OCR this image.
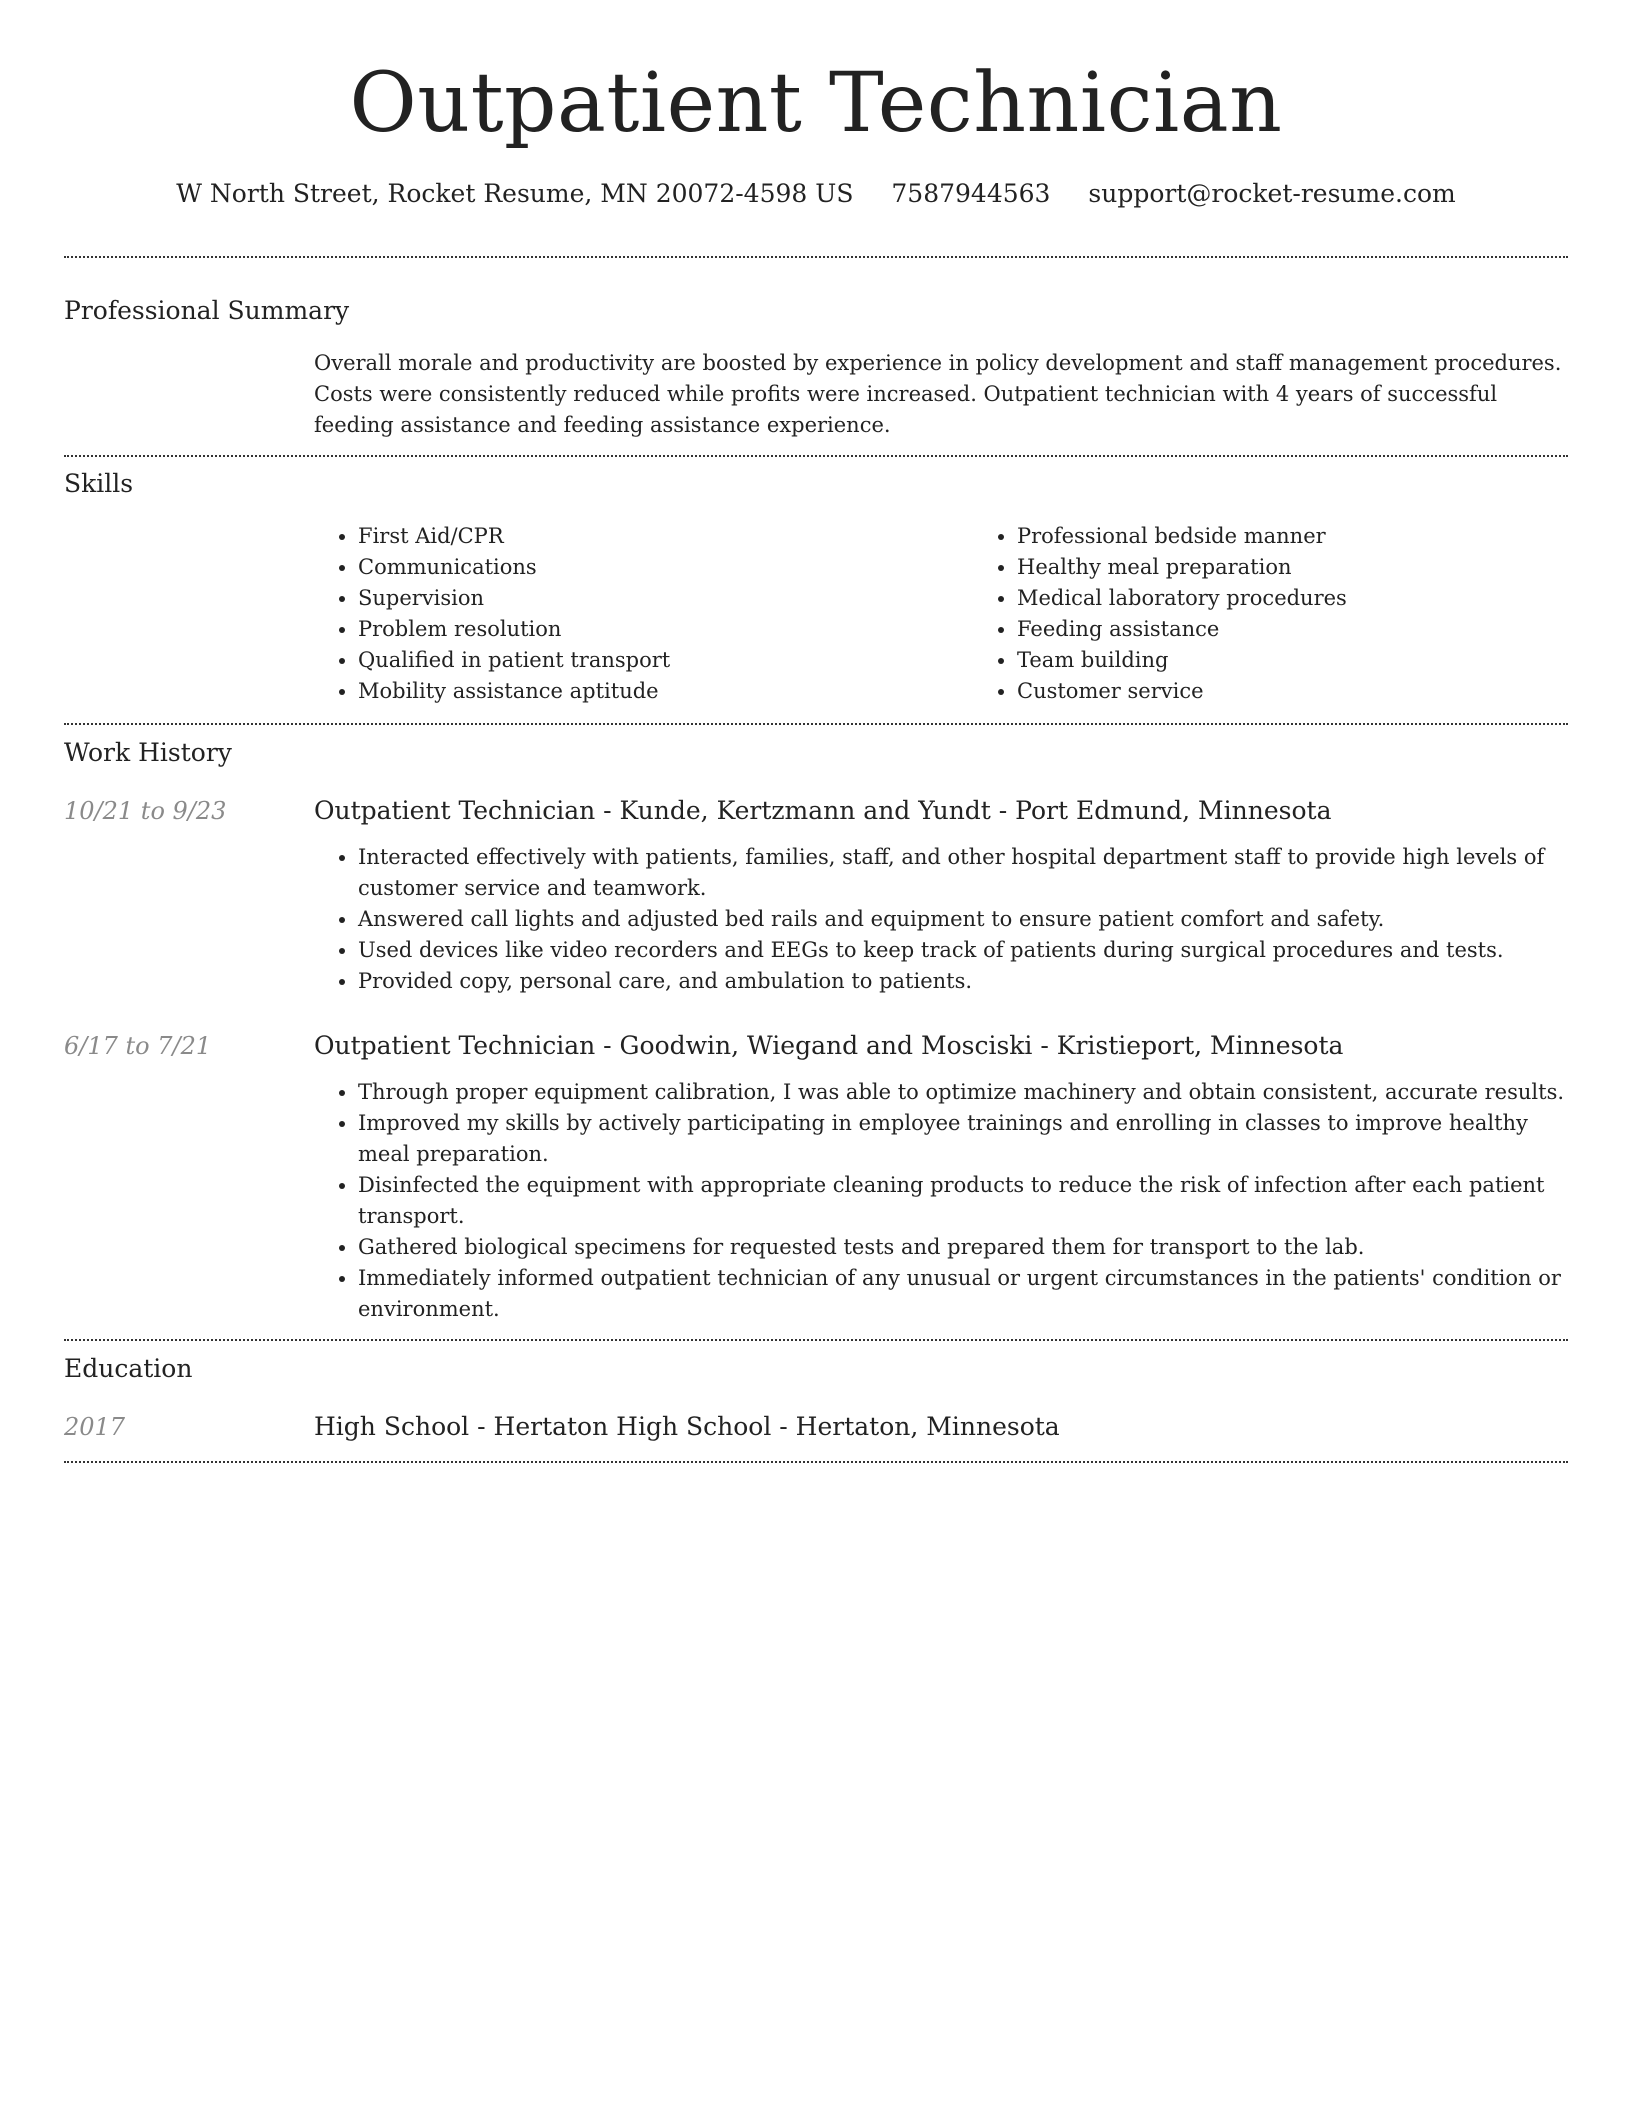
Outpatient Technician
W North Street, Rocket Resume, MN 20072-4598 US 7587944563 support@rocket-resume.com
Professional Summary

Overall morale and productivity are boosted by experience in policy development and staff management procedures. Costs were consistently reduced while profits were increased. Outpatient technician with 4 years of successful feeding assistance and feeding assistance experience.

Skills
• First Aid/CPR
• Communications
• Supervision
• Problem resolution
• Qualified in patient transport
• Mobility assistance aptitude
• Professional bedside manner
• Healthy meal preparation
• Medical laboratory procedures
• Feeding assistance
• Team building
• Customer service
Work History
10/21 to 9/23	Outpatient Technician - Kunde, Kertzmann and Yundt - Port Edmund, Minnesota
• Interacted effectively with patients, families, staff, and other hospital department staff to provide high levels of customer service and teamwork.
• Answered call lights and adjusted bed rails and equipment to ensure patient comfort and safety.
• Used devices like video recorders and EEGs to keep track of patients during surgical procedures and tests.
• Provided copy, personal care, and ambulation to patients.
6/17 to 7/21	Outpatient Technician - Goodwin, Wiegand and Mosciski - Kristieport, Minnesota
• Through proper equipment calibration, I was able to optimize machinery and obtain consistent, accurate results.
• Improved my skills by actively participating in employee trainings and enrolling in classes to improve healthy meal preparation.
• Disinfected the equipment with appropriate cleaning products to reduce the risk of infection after each patient transport.
• Gathered biological specimens for requested tests and prepared them for transport to the lab.
• Immediately informed outpatient technician of any unusual or urgent circumstances in the patients' condition or environment.
Education
2017	High School - Hertaton High School - Hertaton, Minnesota
